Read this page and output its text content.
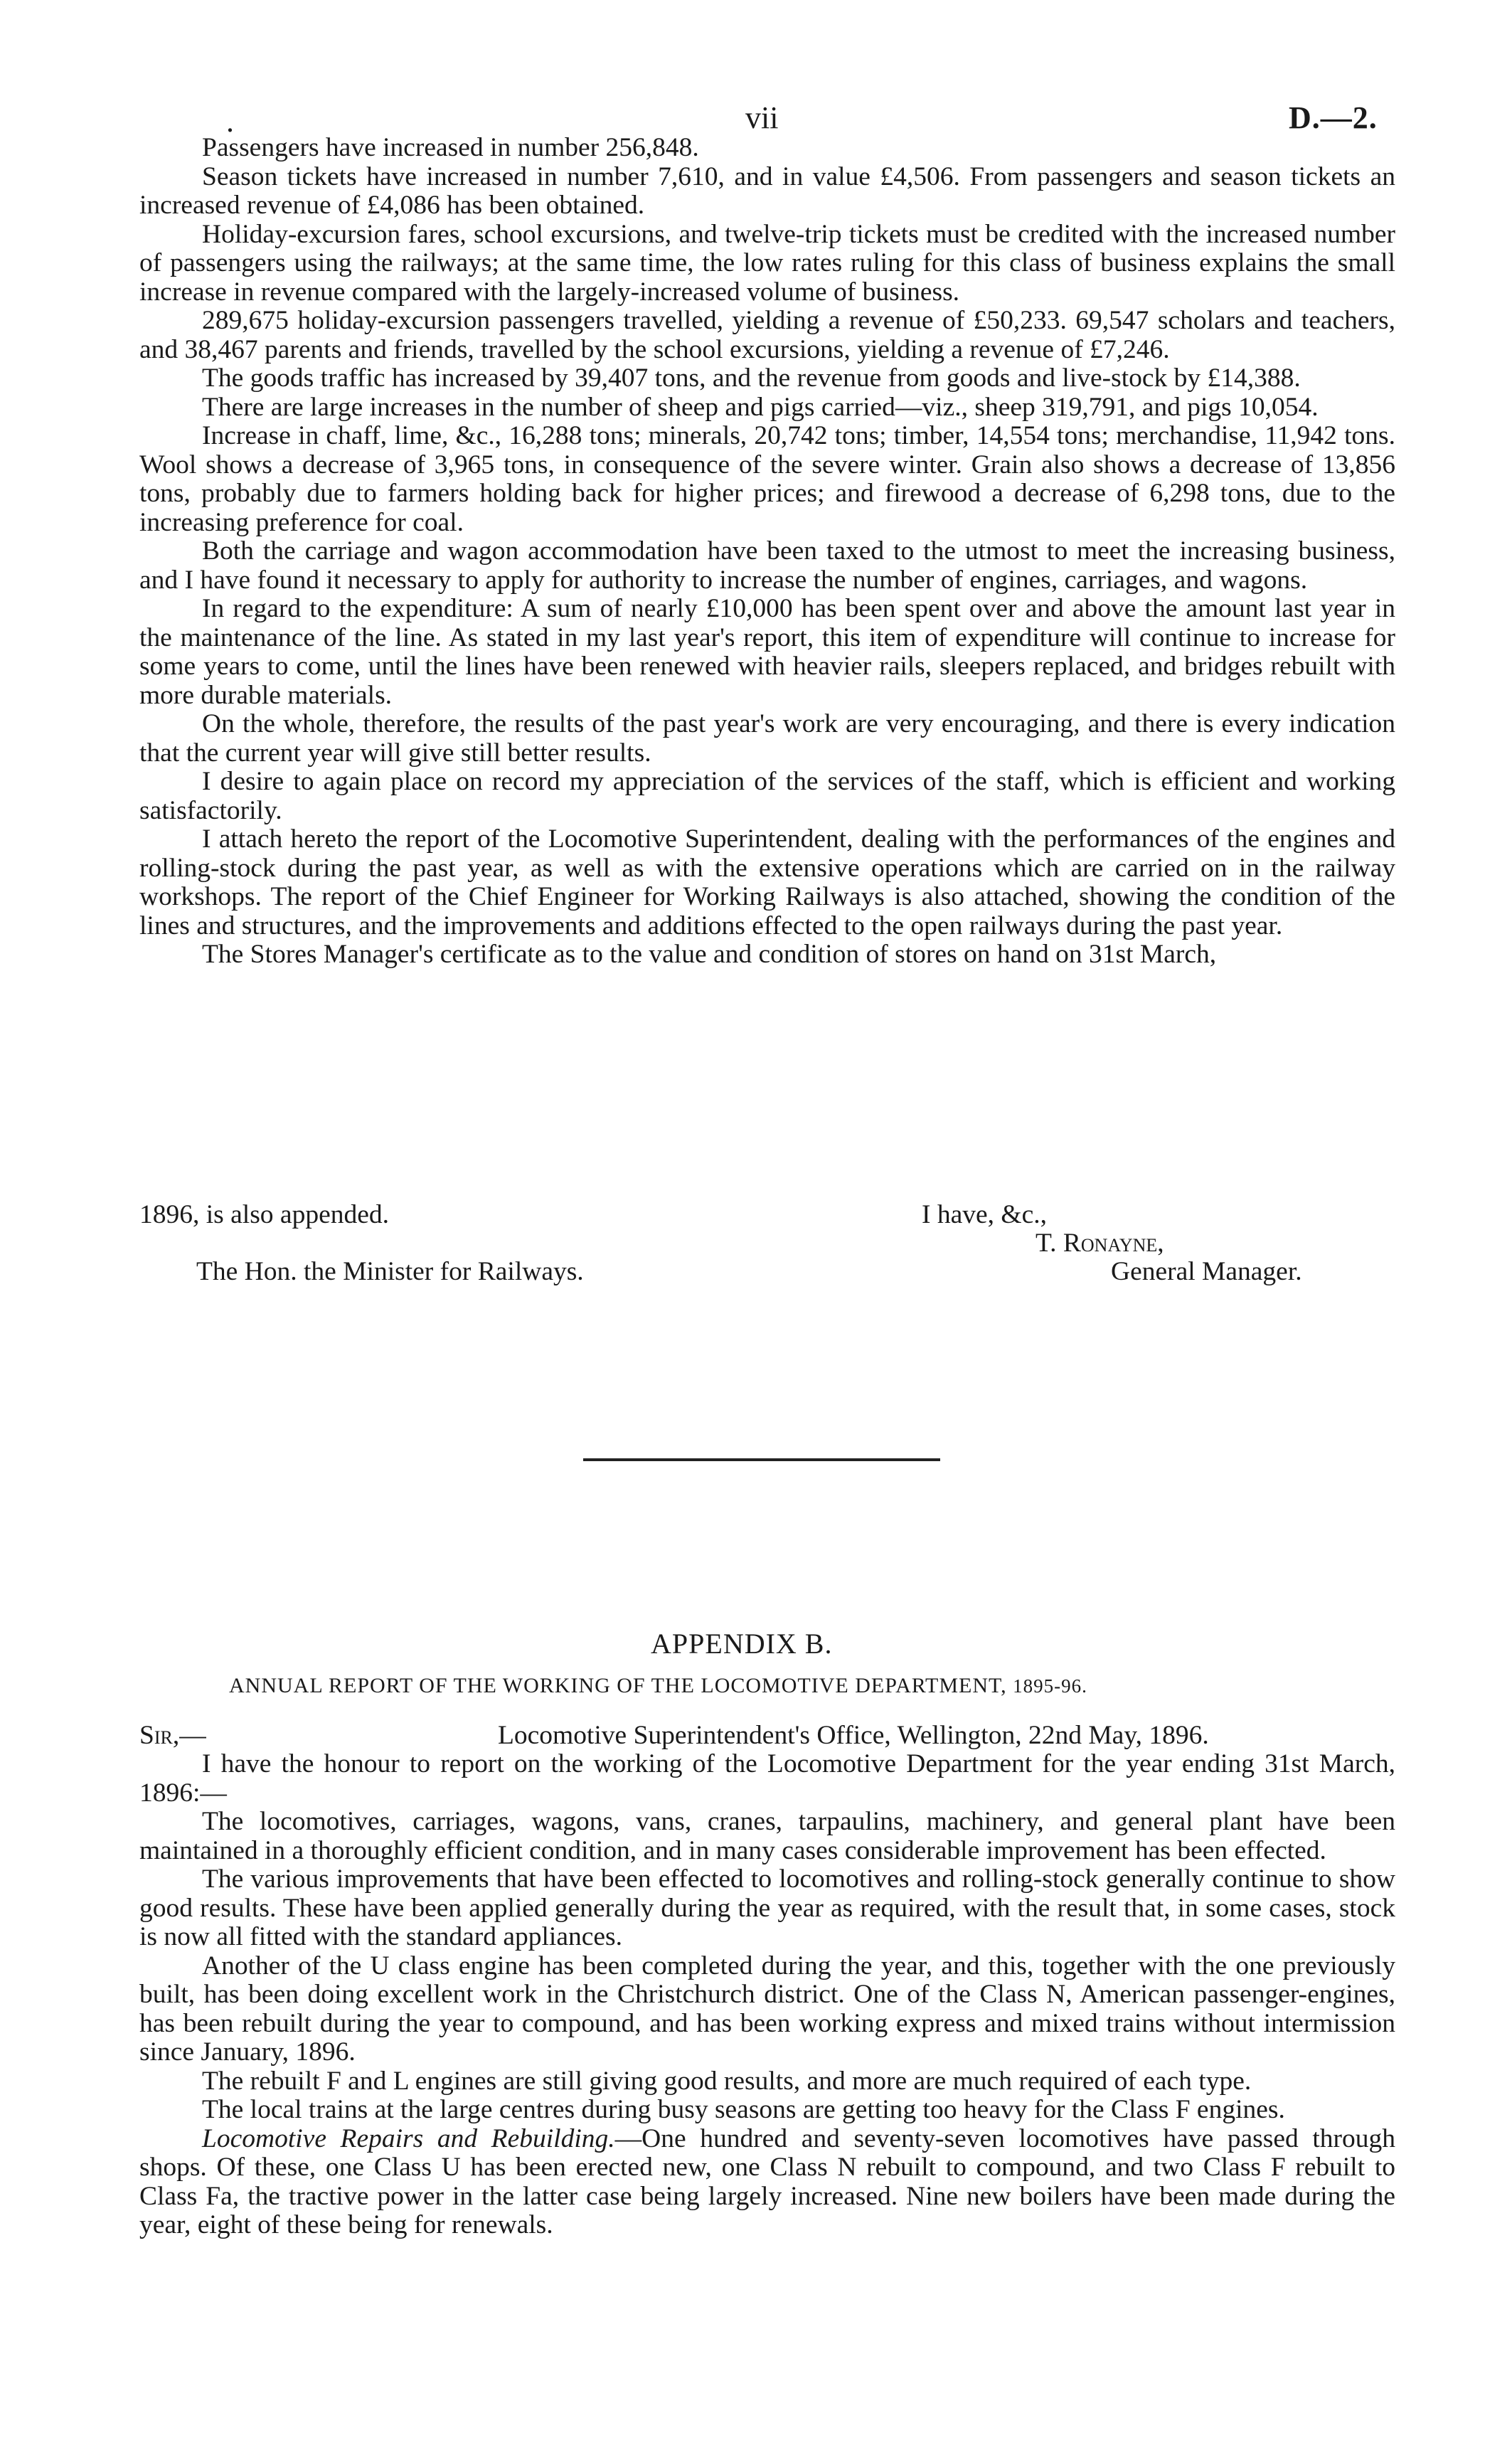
.	vii	D.—2.

Passengers have increased in number 256,848.

Season tickets have increased in number 7,610, and in value £4,506. From passengers and season tickets an increased revenue of £4,086 has been obtained.

Holiday-excursion fares, school excursions, and twelve-trip tickets must be credited with the increased number of passengers using the railways; at the same time, the low rates ruling for this class of business explains the small increase in revenue compared with the largely-increased volume of business.

289,675 holiday-excursion passengers travelled, yielding a revenue of £50,233. 69,547 scholars and teachers, and 38,467 parents and friends, travelled by the school excursions, yielding a revenue of £7,246.

The goods traffic has increased by 39,407 tons, and the revenue from goods and live-stock by £14,388.

There are large increases in the number of sheep and pigs carried—viz., sheep 319,791, and pigs 10,054.

Increase in chaff, lime, &c., 16,288 tons; minerals, 20,742 tons; timber, 14,554 tons; merchandise, 11,942 tons. Wool shows a decrease of 3,965 tons, in consequence of the severe winter. Grain also shows a decrease of 13,856 tons, probably due to farmers holding back for higher prices; and firewood a decrease of 6,298 tons, due to the increasing preference for coal.

Both the carriage and wagon accommodation have been taxed to the utmost to meet the increasing business, and I have found it necessary to apply for authority to increase the number of engines, carriages, and wagons.

In regard to the expenditure: A sum of nearly £10,000 has been spent over and above the amount last year in the maintenance of the line. As stated in my last year's report, this item of expenditure will continue to increase for some years to come, until the lines have been renewed with heavier rails, sleepers replaced, and bridges rebuilt with more durable materials.

On the whole, therefore, the results of the past year's work are very encouraging, and there is every indication that the current year will give still better results.

I desire to again place on record my appreciation of the services of the staff, which is efficient and working satisfactorily.

I attach hereto the report of the Locomotive Superintendent, dealing with the performances of the engines and rolling-stock during the past year, as well as with the extensive operations which are carried on in the railway workshops. The report of the Chief Engineer for Working Railways is also attached, showing the condition of the lines and structures, and the improvements and additions effected to the open railways during the past year.

The Stores Manager's certificate as to the value and condition of stores on hand on 31st March,

1896, is also appended.	I have, &c.,
T. Ronayne,
The Hon. the Minister for Railways.	General Manager.
APPENDIX B.
ANNUAL REPORT OF THE WORKING OF THE LOCOMOTIVE DEPARTMENT, 1895-96.
Sir,—	Locomotive Superintendent's Office, Wellington, 22nd May, 1896.

I have the honour to report on the working of the Locomotive Department for the year ending 31st March, 1896:—

The locomotives, carriages, wagons, vans, cranes, tarpaulins, machinery, and general plant have been maintained in a thoroughly efficient condition, and in many cases considerable improvement has been effected.

The various improvements that have been effected to locomotives and rolling-stock generally continue to show good results. These have been applied generally during the year as required, with the result that, in some cases, stock is now all fitted with the standard appliances.

Another of the U class engine has been completed during the year, and this, together with the one previously built, has been doing excellent work in the Christchurch district. One of the Class N, American passenger-engines, has been rebuilt during the year to compound, and has been working express and mixed trains without intermission since January, 1896.

The rebuilt F and L engines are still giving good results, and more are much required of each type.

The local trains at the large centres during busy seasons are getting too heavy for the Class F engines.

Locomotive Repairs and Rebuilding.—One hundred and seventy-seven locomotives have passed through shops. Of these, one Class U has been erected new, one Class N rebuilt to compound, and two Class F rebuilt to Class Fa, the tractive power in the latter case being largely increased. Nine new boilers have been made during the year, eight of these being for renewals.
